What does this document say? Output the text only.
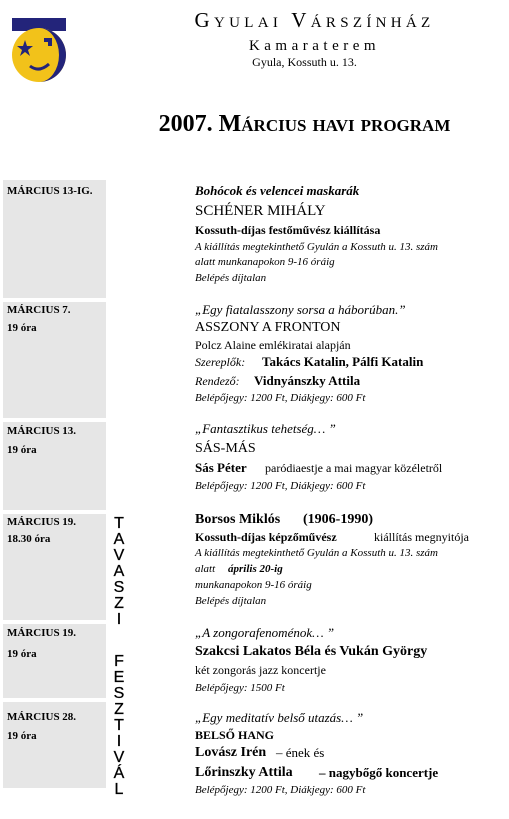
Gyulai Várszínház
Kamaraterem
Gyula, Kossuth u. 13.
2007. Március havi program
MÁRCIUS 13-IG.
MÁRCIUS 7.
19 óra
MÁRCIUS 13.
19 óra
MÁRCIUS 19.
18.30 óra
MÁRCIUS 19.
19 óra
MÁRCIUS 28.
19 óra
Bohócok és velencei maskarák
SCHÉNER MIHÁLY
Kossuth-díjas festőművész kiállítása
A kiállítás megtekinthető Gyulán a Kossuth u. 13. szám
alatt munkanapokon 9-16 óráig
Belépés díjtalan
„Egy fiatalasszony sorsa a háborúban.”
ASSZONY A FRONTON
Polcz Alaine emlékiratai alapján
Szereplők: Takács Katalin, Pálfi Katalin
Rendező: Vidnyánszky Attila
Belépőjegy: 1200 Ft, Diákjegy: 600 Ft
„Fantasztikus tehetség… ”
SÁS-MÁS
Sás Péter paródiaestje a mai magyar közéletről
Belépőjegy: 1200 Ft, Diákjegy: 600 Ft
Borsos Miklós (1906-1990)
Kossuth-díjas képzőművész	kiállítás megnyitója
A kiállítás megtekinthető Gyulán a Kossuth u. 13. szám
alatt április 20-ig
munkanapokon 9-16 óráig
Belépés díjtalan
„A zongorafenoménok… ”
Szakcsi Lakatos Béla és Vukán György
két zongorás jazz koncertje
Belépőjegy: 1500 Ft
„Egy meditatív belső utazás… ”
BELSŐ HANG
Lovász Irén – ének és
Lőrinszky Attila – nagybőgő koncertje
Belépőjegy: 1200 Ft, Diákjegy: 600 Ft
T
A
V
A
S
Z
I
F
E
S
Z
T
I
V
Á
L
